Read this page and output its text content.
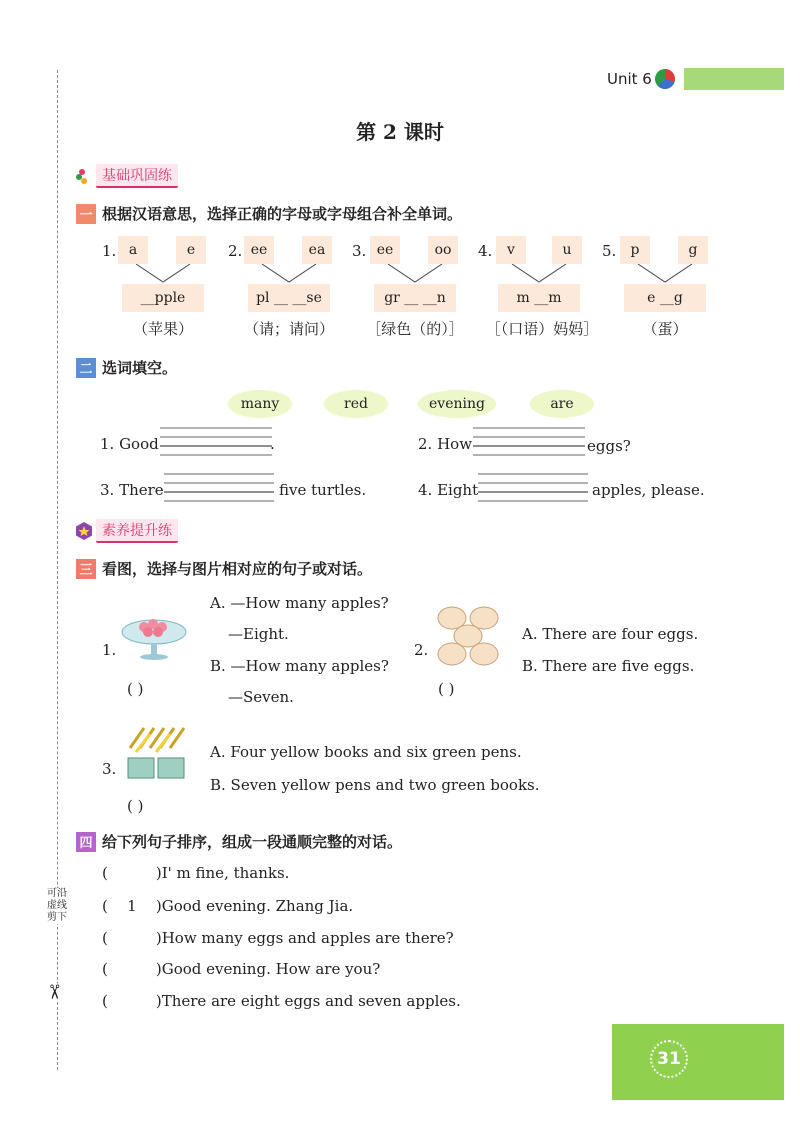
可沿虚线剪下
✂
Unit 6
第 2 课时
基础巩固练
一 根据汉语意思，选择正确的字母或字母组合补全单词。
1. a	e
__pple
（苹果）
2. ee	ea
pl __ __se
（请；请问）
3. ee	oo
gr __ __n
［绿色（的）］
4.	v	u
m __m
［（口语）妈妈］
5.	p	g
e __g
（蛋）
二 选词填空。
many	red	evening	are
1. Good	.	2. How	eggs?
3. There	five turtles.	4. Eight	apples, please.
素养提升练
三 看图，选择与图片相对应的句子或对话。
1.
( )
A. —How many apples?
—Eight.
B. —How many apples?
—Seven.
2.
( )
A. There are four eggs.
B. There are five eggs.
3.
( )
A. Four yellow books and six green pens.
B. Seven yellow pens and two green books.
四 给下列句子排序，组成一段通顺完整的对话。
(	)I' m fine, thanks.
( 1 )Good evening. Zhang Jia.
(	)How many eggs and apples are there?
(	)Good evening. How are you?
(	)There are eight eggs and seven apples.
31
